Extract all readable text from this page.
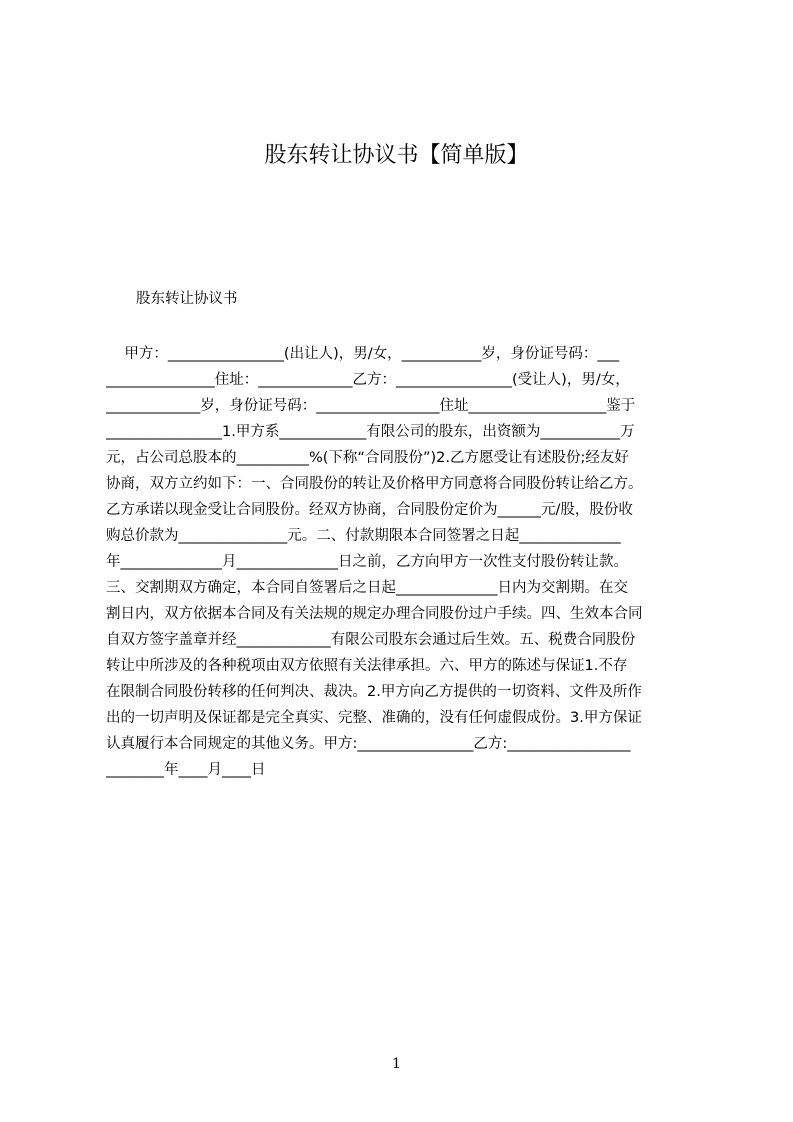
股东转让协议书【简单版】
股东转让协议书
甲方：________________(出让人)，男/女，___________岁，身份证号码：___
_______________住址：_____________乙方：________________(受让人)，男/女，
_____________岁，身份证号码：_________________住址___________________鉴于
________________1.甲方系____________有限公司的股东，出资额为___________万
元，占公司总股本的__________%(下称“合同股份”)2.乙方愿受让有述股份;经友好
协商，双方立约如下：一、合同股份的转让及价格甲方同意将合同股份转让给乙方。
乙方承诺以现金受让合同股份。经双方协商，合同股份定价为______元/股，股份收
购总价款为_______________元。二、付款期限本合同签署之日起______________
年______________月______________日之前，乙方向甲方一次性支付股份转让款。
三、交割期双方确定，本合同自签署后之日起______________日内为交割期。在交
割日内，双方依据本合同及有关法规的规定办理合同股份过户手续。四、生效本合同
自双方签字盖章并经_____________有限公司股东会通过后生效。五、税费合同股份
转让中所涉及的各种税项由双方依照有关法律承担。六、甲方的陈述与保证1.不存
在限制合同股份转移的任何判决、裁决。2.甲方向乙方提供的一切资料、文件及所作
出的一切声明及保证都是完全真实、完整、准确的，没有任何虚假成份。3.甲方保证
认真履行本合同规定的其他义务。甲方:________________乙方:_________________
________年____月____日
1
